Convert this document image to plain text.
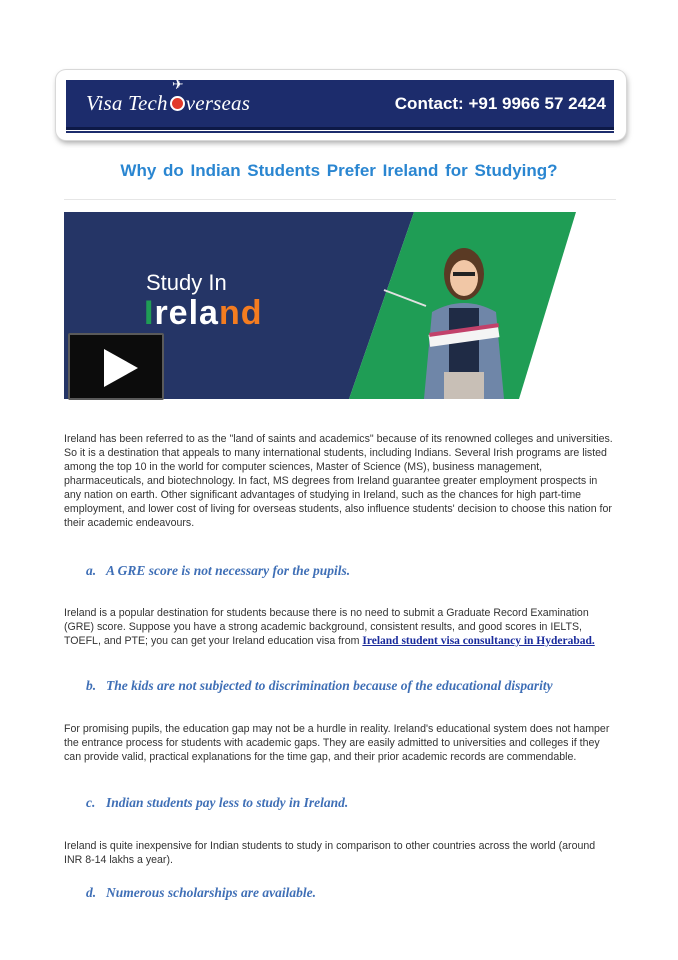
Visa Tech
✈
verseas	Contact: +91 9966 57 2424
Why do Indian Students Prefer Ireland for Studying?
Study In
Ireland

Ireland has been referred to as the "land of saints and academics" because of its renowned colleges and universities. So it is a destination that appeals to many international students, including Indians. Several Irish programs are listed among the top 10 in the world for computer sciences, Master of Science (MS), business management, pharmaceuticals, and biotechnology. In fact, MS degrees from Ireland guarantee greater employment prospects in any nation on earth. Other significant advantages of studying in Ireland, such as the chances for high part-time employment, and lower cost of living for overseas students, also influence students' decision to choose this nation for their academic endeavours.

a. A GRE score is not necessary for the pupils.

Ireland is a popular destination for students because there is no need to submit a Graduate Record Examination (GRE) score. Suppose you have a strong academic background, consistent results, and good scores in IELTS, TOEFL, and PTE; you can get your Ireland education visa from Ireland student visa consultancy in Hyderabad.

b. The kids are not subjected to discrimination because of the educational disparity

For promising pupils, the education gap may not be a hurdle in reality. Ireland's educational system does not hamper the entrance process for students with academic gaps. They are easily admitted to universities and colleges if they can provide valid, practical explanations for the time gap, and their prior academic records are commendable.

c. Indian students pay less to study in Ireland.

Ireland is quite inexpensive for Indian students to study in comparison to other countries across the world (around INR 8-14 lakhs a year).

d. Numerous scholarships are available.
